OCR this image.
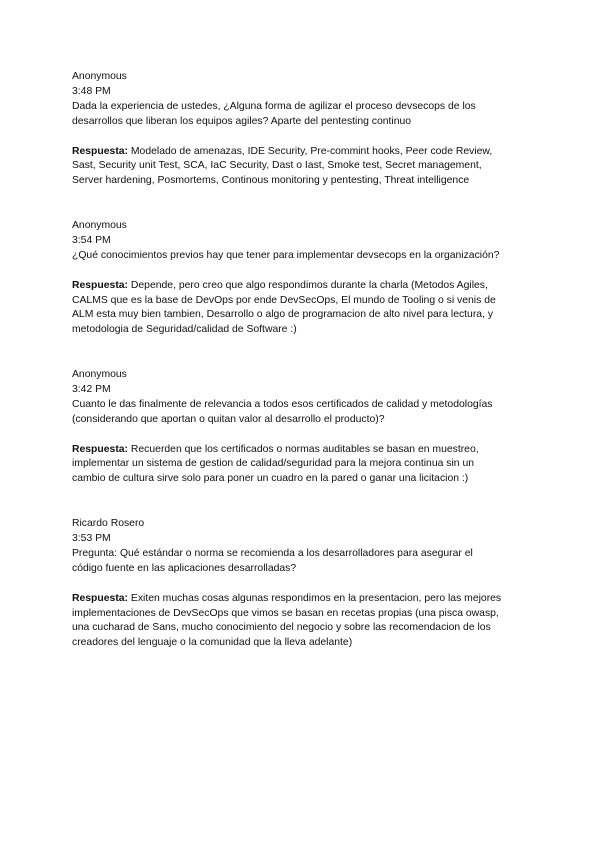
Anonymous

3:48 PM

Dada la experiencia de ustedes, ¿Alguna forma de agilizar el proceso devsecops de los

desarrollos que liberan los equipos agiles? Aparte del pentesting continuo

Respuesta: Modelado de amenazas, IDE Security, Pre-commint hooks, Peer code Review,

Sast, Security unit Test, SCA, IaC Security, Dast o Iast, Smoke test, Secret management,

Server hardening, Posmortems, Continous monitoring y pentesting, Threat intelligence

Anonymous

3:54 PM

¿Qué conocimientos previos hay que tener para implementar devsecops en la organización?

Respuesta: Depende, pero creo que algo respondimos durante la charla (Metodos Agiles,

CALMS que es la base de DevOps por ende DevSecOps, El mundo de Tooling o si venis de

ALM esta muy bien tambien, Desarrollo o algo de programacion de alto nivel para lectura, y

metodologia de Seguridad/calidad de Software :)

Anonymous

3:42 PM

Cuanto le das finalmente de relevancia a todos esos certificados de calidad y metodologías

(considerando que aportan o quitan valor al desarrollo el producto)?

Respuesta: Recuerden que los certificados o normas auditables se basan en muestreo,

implementar un sistema de gestion de calidad/seguridad para la mejora continua sin un

cambio de cultura sirve solo para poner un cuadro en la pared o ganar una licitacion :)

Ricardo Rosero

3:53 PM

Pregunta: Qué estándar o norma se recomienda a los desarrolladores para asegurar el

código fuente en las aplicaciones desarrolladas?

Respuesta: Exiten muchas cosas algunas respondimos en la presentacion, pero las mejores

implementaciones de DevSecOps que vimos se basan en recetas propias (una pisca owasp,

una cucharad de Sans, mucho conocimiento del negocio y sobre las recomendacion de los

creadores del lenguaje o la comunidad que la lleva adelante)
